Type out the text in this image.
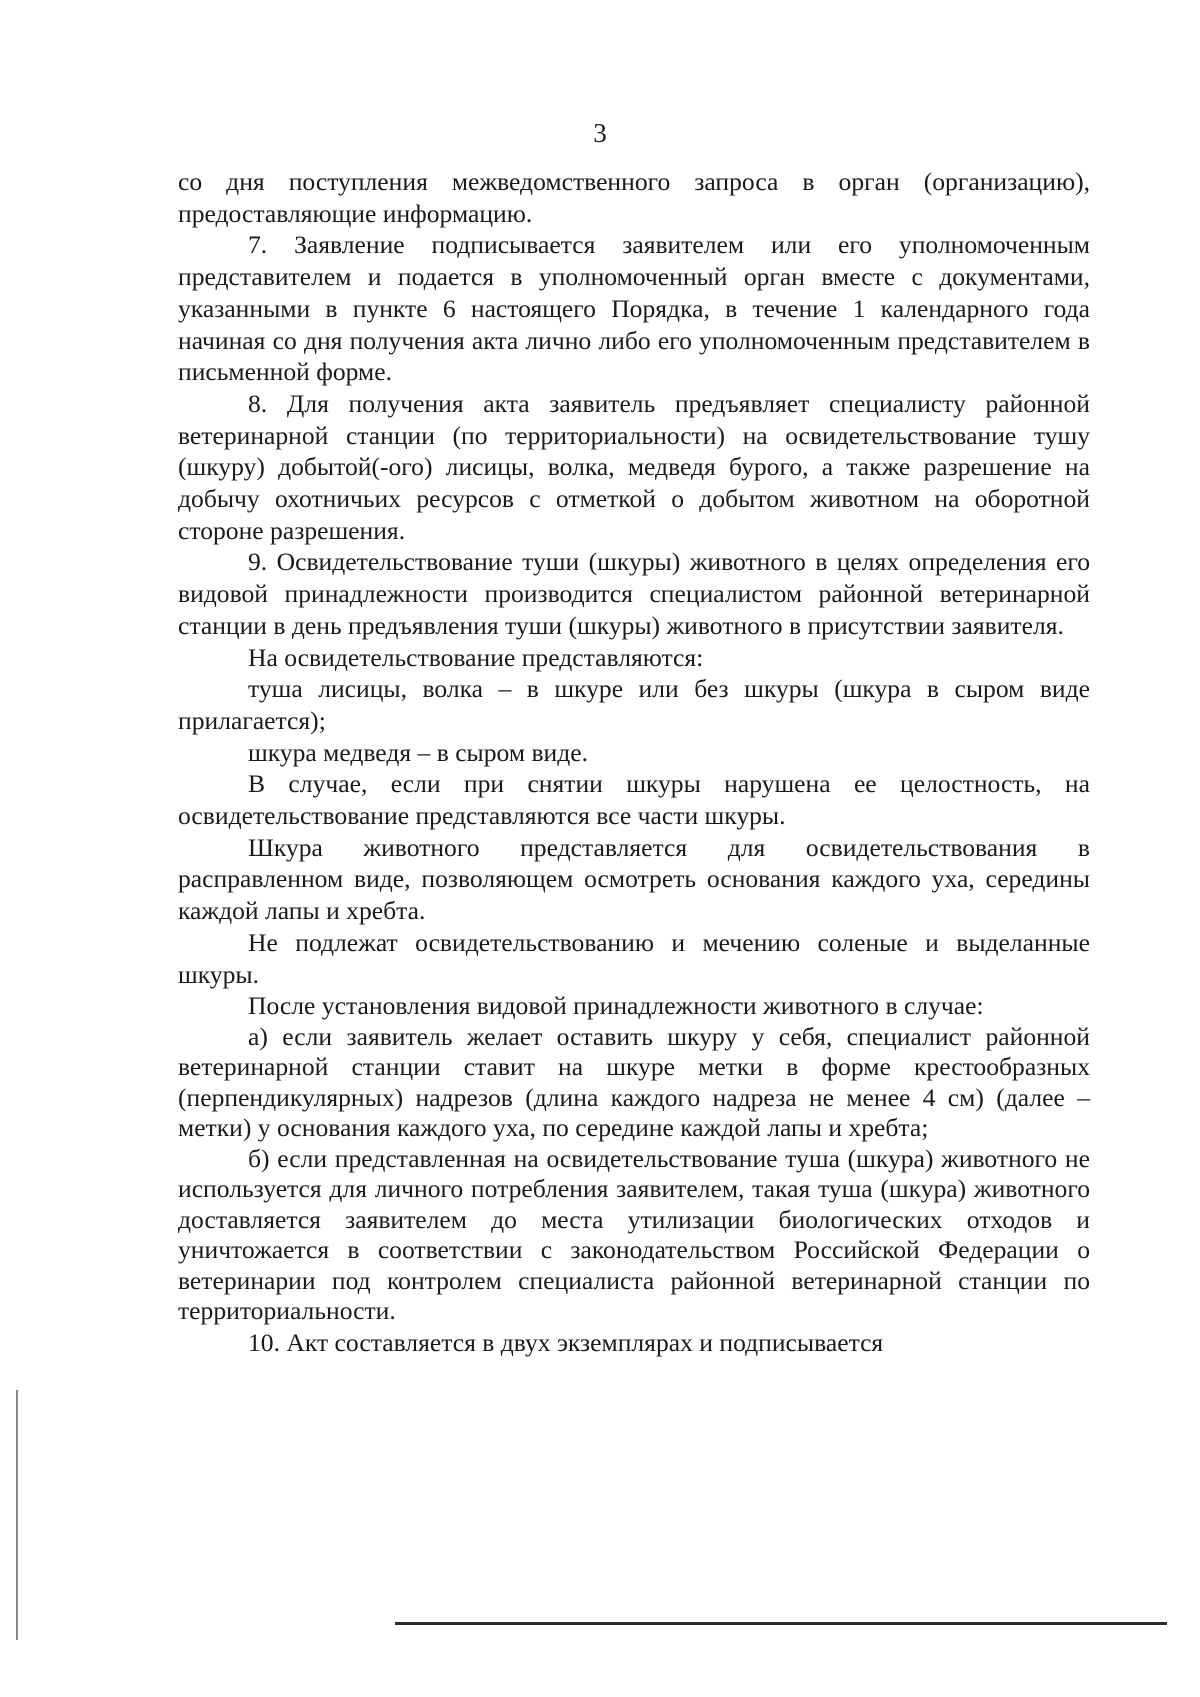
3

со дня поступления межведомственного запроса в орган (организацию), предоставляющие информацию.

7. Заявление подписывается заявителем или его уполномоченным представителем и подается в уполномоченный орган вместе с документами, указанными в пункте 6 настоящего Порядка, в течение 1 календарного года начиная со дня получения акта лично либо его уполномоченным представителем в письменной форме.

8. Для получения акта заявитель предъявляет специалисту районной ветеринарной станции (по территориальности) на освидетельствование тушу (шкуру) добытой(-ого) лисицы, волка, медведя бурого, а также разрешение на добычу охотничьих ресурсов с отметкой о добытом животном на оборотной стороне разрешения.

9. Освидетельствование туши (шкуры) животного в целях определения его видовой принадлежности производится специалистом районной ветеринарной станции в день предъявления туши (шкуры) животного в присутствии заявителя.

На освидетельствование представляются:

туша лисицы, волка – в шкуре или без шкуры (шкура в сыром виде прилагается);

шкура медведя – в сыром виде.

В случае, если при снятии шкуры нарушена ее целостность, на освидетельствование представляются все части шкуры.

Шкура животного представляется для освидетельствования в расправленном виде, позволяющем осмотреть основания каждого уха, середины каждой лапы и хребта.

Не подлежат освидетельствованию и мечению соленые и выделанные шкуры.

После установления видовой принадлежности животного в случае:

а) если заявитель желает оставить шкуру у себя, специалист районной ветеринарной станции ставит на шкуре метки в форме крестообразных (перпендикулярных) надрезов (длина каждого надреза не менее 4 см) (далее – метки) у основания каждого уха, по середине каждой лапы и хребта;

б) если представленная на освидетельствование туша (шкура) животного не используется для личного потребления заявителем, такая туша (шкура) животного доставляется заявителем до места утилизации биологических отходов и уничтожается в соответствии с законодательством Российской Федерации о ветеринарии под контролем специалиста районной ветеринарной станции по территориальности.

10. Акт составляется в двух экземплярах и подписывается
